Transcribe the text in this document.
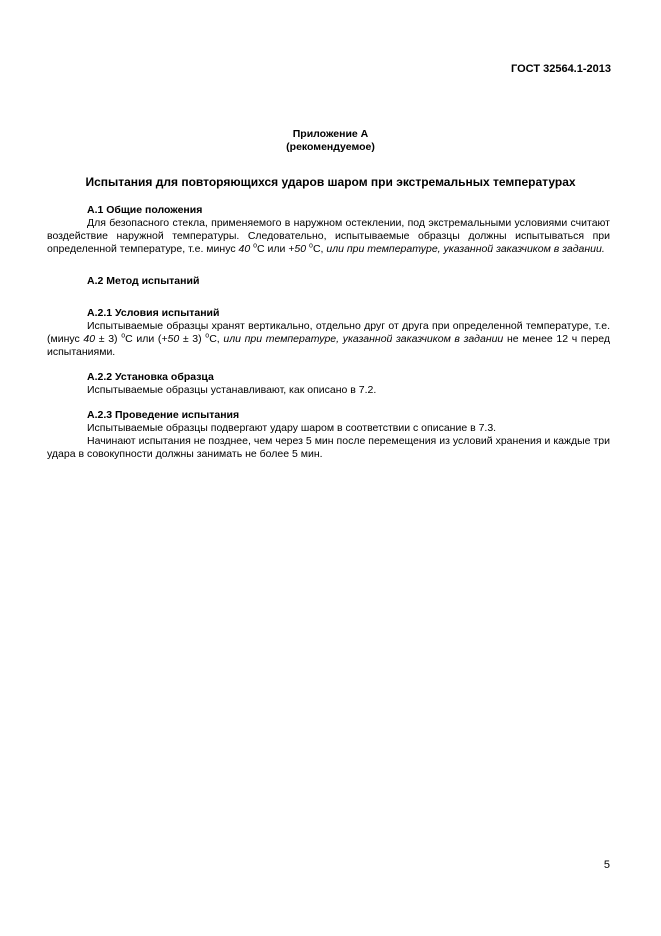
ГОСТ 32564.1-2013
Приложение А
(рекомендуемое)
Испытания для повторяющихся ударов шаром при экстремальных температурах

А.1 Общие положения

Для безопасного стекла, применяемого в наружном остеклении, под экстремальными условиями считают воздействие наружной температуры. Следовательно, испытываемые образцы должны испытываться при определенной температуре, т.е. минус 40 $^о$С или +50 $^о$С, или при температуре, указанной заказчиком в задании.

А.2 Метод испытаний

А.2.1 Условия испытаний

Испытываемые образцы хранят вертикально, отдельно друг от друга при определенной температуре, т.е. (минус 40 ± 3) $^о$С или (+50 ± 3) $^о$С, или при температуре, указанной заказчиком в задании не менее 12 ч перед испытаниями.

А.2.2 Установка образца

Испытываемые образцы устанавливают, как описано в 7.2.

А.2.3 Проведение испытания

Испытываемые образцы подвергают удару шаром в соответствии с описание в 7.3.

Начинают испытания не позднее, чем через 5 мин после перемещения из условий хранения и каждые три удара в совокупности должны занимать не более 5 мин.

5
